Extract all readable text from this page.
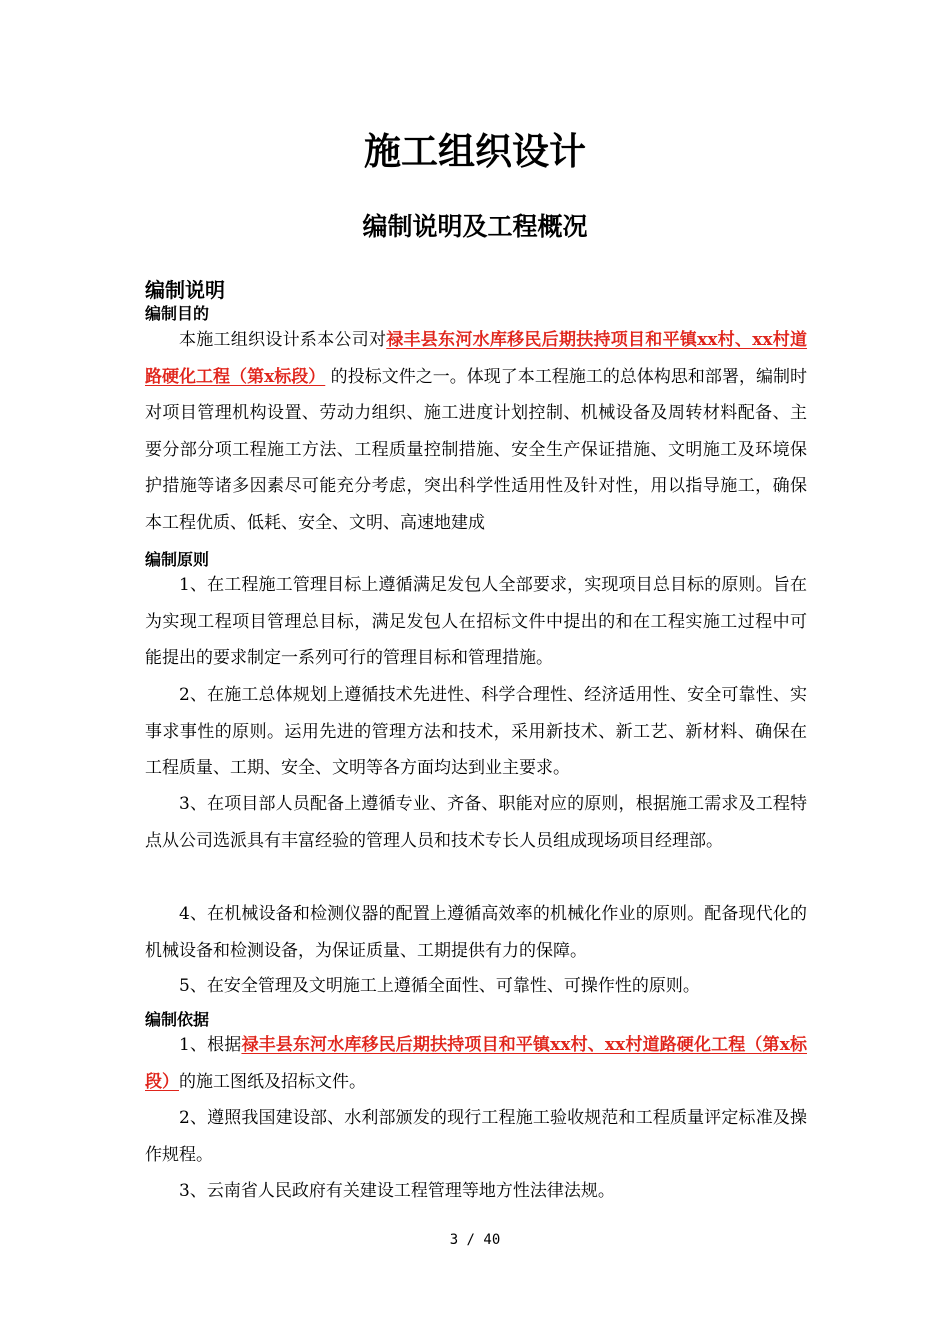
施工组织设计
编制说明及工程概况
编制说明
编制目的
本施工组织设计系本公司对禄丰县东河水库移民后期扶持项目和平镇xx村、xx村道路硬化工程（第x标段） 的投标文件之一。体现了本工程施工的总体构思和部署，编制时对项目管理机构设置、劳动力组织、施工进度计划控制、机械设备及周转材料配备、主要分部分项工程施工方法、工程质量控制措施、安全生产保证措施、文明施工及环境保护措施等诸多因素尽可能充分考虑，突出科学性适用性及针对性，用以指导施工，确保本工程优质、低耗、安全、文明、高速地建成
编制原则
1、在工程施工管理目标上遵循满足发包人全部要求，实现项目总目标的原则。旨在为实现工程项目管理总目标，满足发包人在招标文件中提出的和在工程实施工过程中可能提出的要求制定一系列可行的管理目标和管理措施。
2、在施工总体规划上遵循技术先进性、科学合理性、经济适用性、安全可靠性、实事求事性的原则。运用先进的管理方法和技术，采用新技术、新工艺、新材料、确保在工程质量、工期、安全、文明等各方面均达到业主要求。
3、在项目部人员配备上遵循专业、齐备、职能对应的原则，根据施工需求及工程特点从公司选派具有丰富经验的管理人员和技术专长人员组成现场项目经理部。
4、在机械设备和检测仪器的配置上遵循高效率的机械化作业的原则。配备现代化的机械设备和检测设备，为保证质量、工期提供有力的保障。
5、在安全管理及文明施工上遵循全面性、可靠性、可操作性的原则。
编制依据
1、根据禄丰县东河水库移民后期扶持项目和平镇xx村、xx村道路硬化工程（第x标段）的施工图纸及招标文件。
2、遵照我国建设部、水利部颁发的现行工程施工验收规范和工程质量评定标准及操作规程。
3、云南省人民政府有关建设工程管理等地方性法律法规。
3 / 40
